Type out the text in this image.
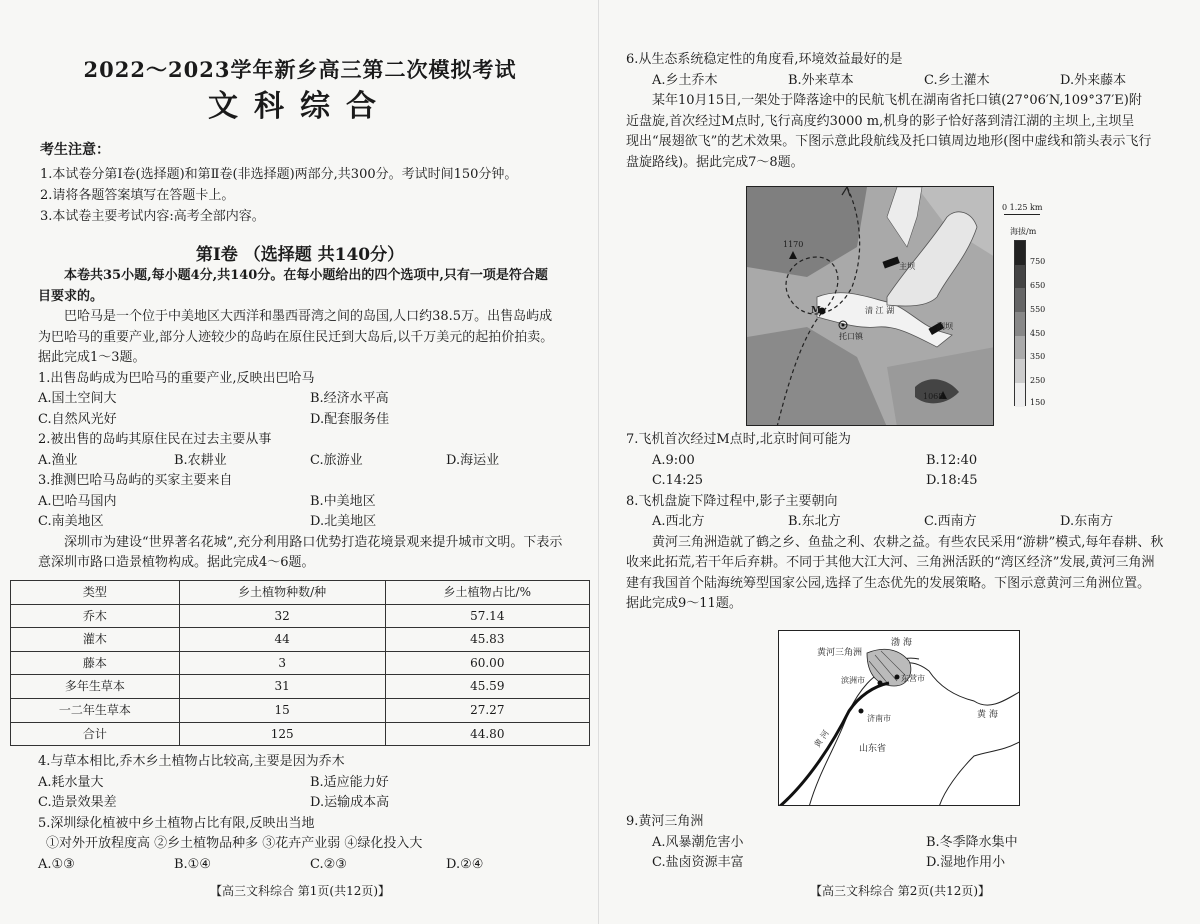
2022～2023学年新乡高三第二次模拟考试
文科综合
考生注意：
1.本试卷分第Ⅰ卷(选择题)和第Ⅱ卷(非选择题)两部分,共300分。考试时间150分钟。
2.请将各题答案填写在答题卡上。
3.本试卷主要考试内容:高考全部内容。
第Ⅰ卷 （选择题 共140分）
本卷共35小题,每小题4分,共140分。在每小题给出的四个选项中,只有一项是符合题
目要求的。
巴哈马是一个位于中美地区大西洋和墨西哥湾之间的岛国,人口约38.5万。出售岛屿成
为巴哈马的重要产业,部分人迹较少的岛屿在原住民迁到大岛后,以千万美元的起拍价拍卖。
据此完成1～3题。
1.出售岛屿成为巴哈马的重要产业,反映出巴哈马
A.国土空间大	B.经济水平高
C.自然风光好	D.配套服务佳
2.被出售的岛屿其原住民在过去主要从事
A.渔业	B.农耕业	C.旅游业	D.海运业
3.推测巴哈马岛屿的买家主要来自
A.巴哈马国内	B.中美地区
C.南美地区	D.北美地区
深圳市为建设“世界著名花城”,充分利用路口优势打造花境景观来提升城市文明。下表示
意深圳市路口造景植物构成。据此完成4～6题。
类型	乡土植物种数/种	乡土植物占比/%
乔木	32	57.14
灌木	44	45.83
藤本	3	60.00
多年生草本	31	45.59
一二年生草本	15	27.27
合计	125	44.80
4.与草本相比,乔木乡土植物占比较高,主要是因为乔木
A.耗水量大	B.适应能力好
C.造景效果差	D.运输成本高
5.深圳绿化植被中乡土植物占比有限,反映出当地
①对外开放程度高 ②乡土植物品种多 ③花卉产业弱 ④绿化投入大
A.①③	B.①④	C.②③	D.②④
【高三文科综合 第1页(共12页)】
6.从生态系统稳定性的角度看,环境效益最好的是
A.乡土乔木	B.外来草本	C.乡土灌木	D.外来藤本
某年10月15日,一架处于降落途中的民航飞机在湖南省托口镇(27°06′N,109°37′E)附
近盘旋,首次经过M点时,飞行高度约3000 m,机身的影子恰好落到清江湖的主坝上,主坝呈
现出“展翅欲飞”的艺术效果。下图示意此段航线及托口镇周边地形(图中虚线和箭头表示飞行
盘旋路线)。据此完成7～8题。
主坝
副坝
清 江 湖
托口镇
M
1170
1068
0 1.25 km
海拔/m
750
650
550
450
350
250
150
7.飞机首次经过M点时,北京时间可能为
A.9:00	B.12:40
C.14:25	D.18:45
8.飞机盘旋下降过程中,影子主要朝向
A.西北方	B.东北方	C.西南方	D.东南方
黄河三角洲造就了鹤之乡、鱼盐之利、农耕之益。有些农民采用“游耕”模式,每年春耕、秋
收来此拓荒,若干年后弃耕。不同于其他大江大河、三角洲活跃的“湾区经济”发展,黄河三角洲
建有我国首个陆海统筹型国家公园,选择了生态优先的发展策略。下图示意黄河三角洲位置。
据此完成9～11题。
渤 海
黄河三角洲
滨洲市	东营市
济南市	黄 海
山东省
黄 河
9.黄河三角洲
A.风暴潮危害小	B.冬季降水集中
C.盐卤资源丰富	D.湿地作用小
【高三文科综合 第2页(共12页)】
